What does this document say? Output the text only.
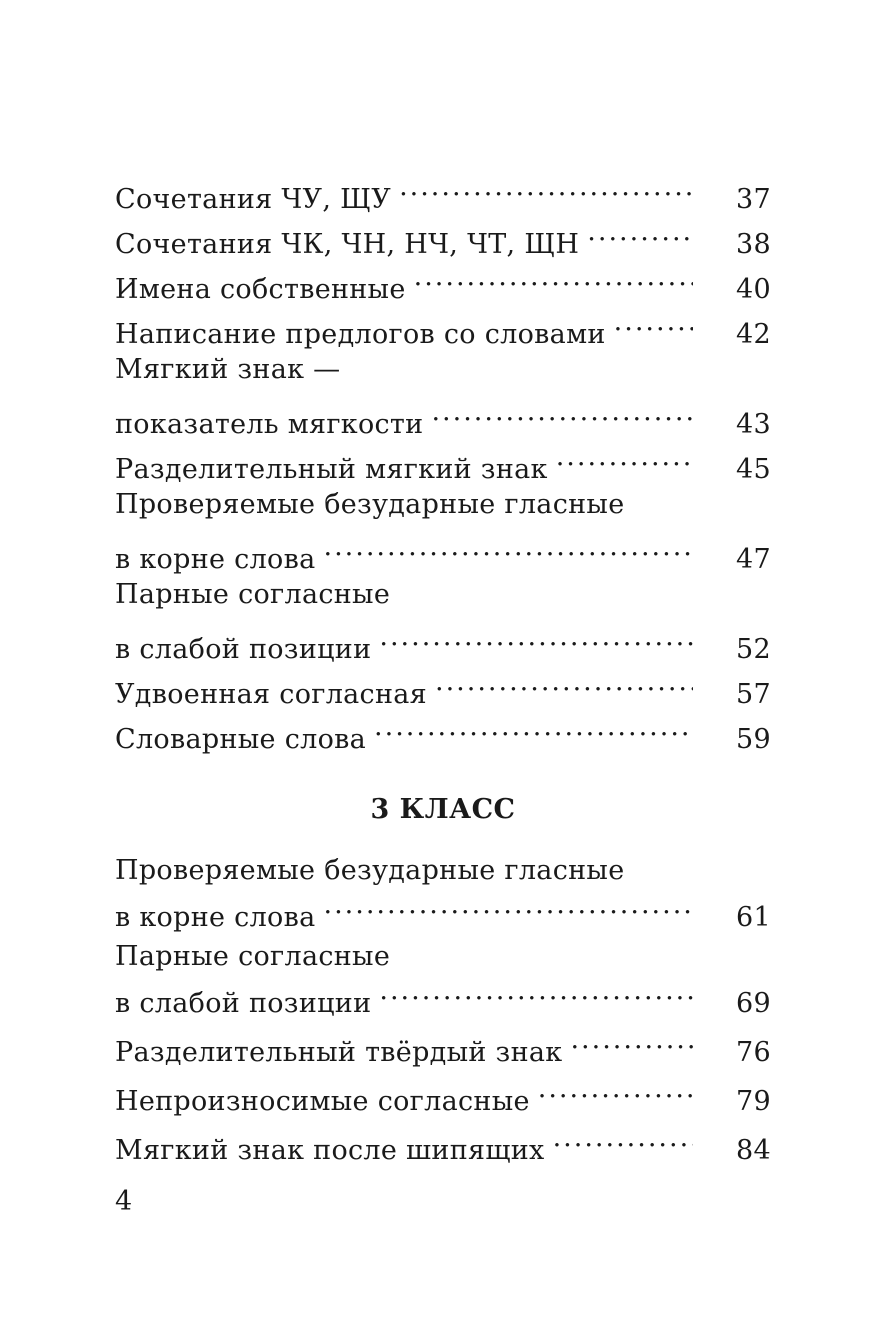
Сочетания ЧУ, ЩУ .....	37
Сочетания ЧК, ЧН, НЧ, ЧТ, ЩН .....	38
Имена собственные .....	40
Написание предлогов со словами .....	42
Мягкий знак —
показатель мягкости .....	43
Разделительный мягкий знак .....	45
Проверяемые безударные гласные
в корне слова .....	47
Парные согласные
в слабой позиции .....	52
Удвоенная согласная .....	57
Словарные слова .....	59
3 КЛАСС
Проверяемые безударные гласные
в корне слова .....	61
Парные согласные
в слабой позиции .....	69
Разделительный твёрдый знак .....	76
Непроизносимые согласные .....	79
Мягкий знак после шипящих .....	84
4
